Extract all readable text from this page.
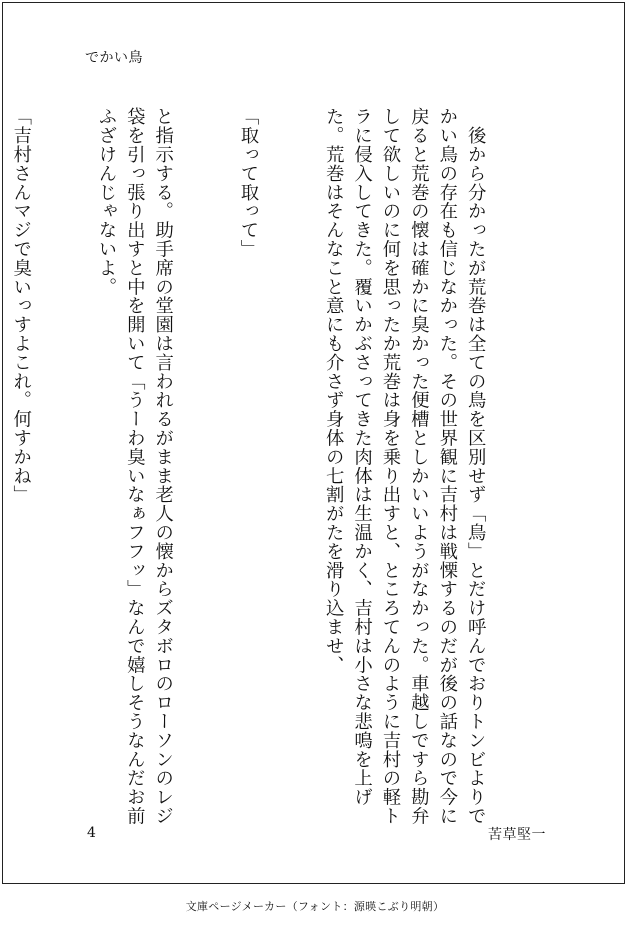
でかい鳥

　後から分かったが荒巻は全ての鳥を区別せず「鳥」とだけ呼んでおりトンビよりでかい鳥の存在も信じなかった。その世界観に吉村は戦慄するのだが後の話なので今に戻ると荒巻の懐は確かに臭かった便槽としかいいようがなかった。車越しですら勘弁して欲しいのに何を思ったか荒巻は身を乗り出すと、ところてんのように吉村の軽トラに侵入してきた。覆いかぶさってきた肉体は生温かく、吉村は小さな悲鳴を上げた。荒巻はそんなこと意にも介さず身体の七割がたを滑り込ませ、

「取って取って」

と指示する。助手席の堂園は言われるがまま老人の懐からズタボロのローソンのレジ袋を引っ張り出すと中を開いて「うーわ臭いなぁフフッ」なんで嬉しそうなんだお前ふざけんじゃないよ。

「吉村さんマジで臭いっすよこれ。何すかね」

4	苦草堅一
文庫ページメーカー（フォント：源暎こぶり明朝）
